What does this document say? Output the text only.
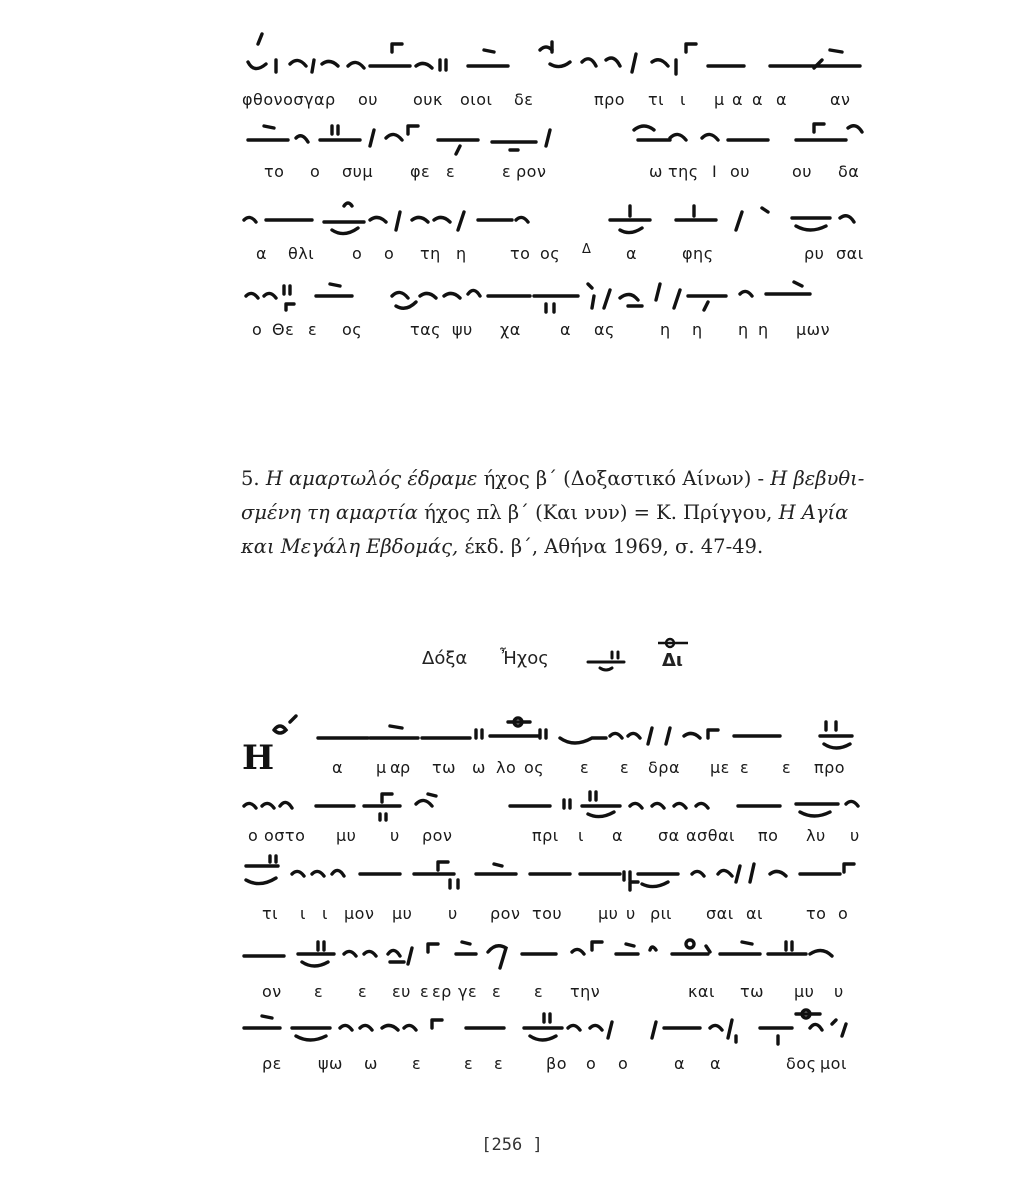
φθονοσγαρ ου ουκ οιοι δε	προ τι ι μ α α α	αν
το ο συμ φε ε	ε ρον	ω της Ι ου	ου δα
α θλι ο ο τη η	το ος Δ α	φης	ρυ σαι
ο Θε ε ος	τας ψυ χα α ας	η η η η μων
5. Η αμαρτωλός έδραμε ήχος β΄ (Δοξαστικό Αίνων) - Η βεβυθι-σμένη τη αμαρτία ήχος πλ β΄ (Και νυν) = Κ. Πρίγγου, Η Αγία και Μεγάλη Εβδομάς, έκδ. β΄, Αθήνα 1969, σ. 47-49.
Δόξα Ἦχος	Δι
Η	α μ α
ρ τω ω λο ος ε ε δρα με ε ε προ
ο οστο μυ υ ρον	πρι ι α σα ασθαι πο λυ υ
τι ι ι μον μυ υ ρον του μυ υ ρι ι σαι αι	το ο
ον ε ε ευ ε ερ γε ε ε την	και τω μυ υ
ρε ψω ω ε	ε ε	βο ο ο	α α	δος μοι
[256 ]
